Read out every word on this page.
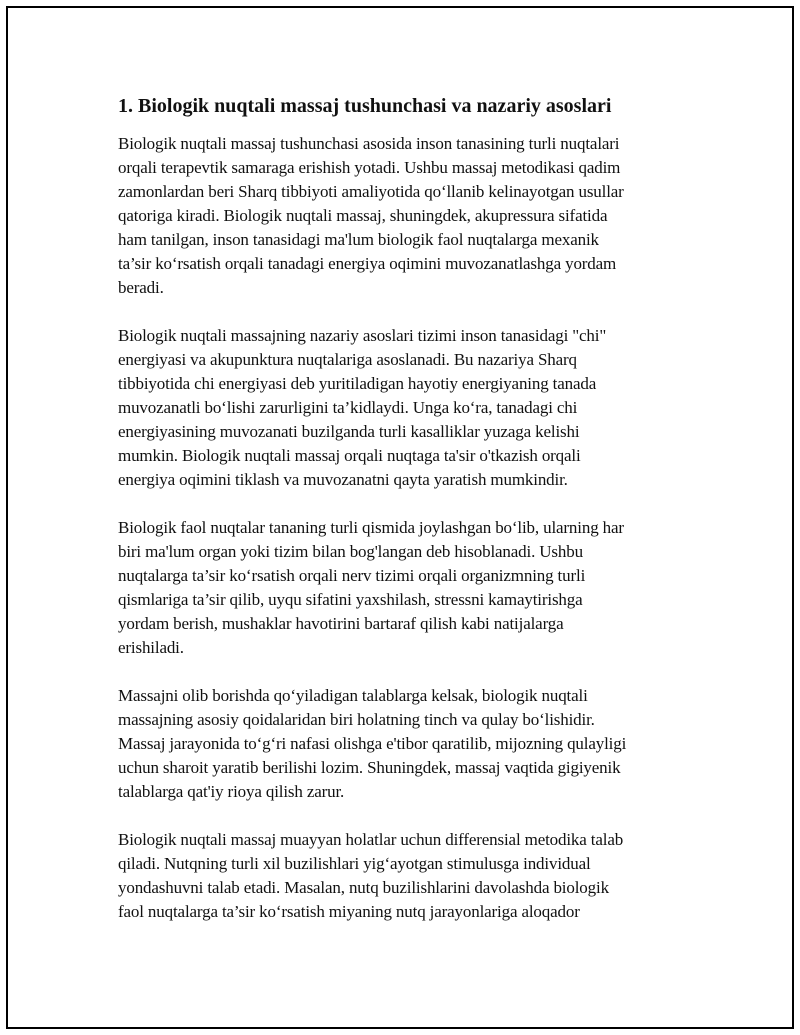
1. Biologik nuqtali massaj tushunchasi va nazariy asoslari
Biologik nuqtali massaj tushunchasi asosida inson tanasining turli nuqtalari
orqali terapevtik samaraga erishish yotadi. Ushbu massaj metodikasi qadim
zamonlardan beri Sharq tibbiyoti amaliyotida qo‘llanib kelinayotgan usullar
qatoriga kiradi. Biologik nuqtali massaj, shuningdek, akupressura sifatida
ham tanilgan, inson tanasidagi ma'lum biologik faol nuqtalarga mexanik
ta’sir ko‘rsatish orqali tanadagi energiya oqimini muvozanatlashga yordam
beradi.
Biologik nuqtali massajning nazariy asoslari tizimi inson tanasidagi "chi"
energiyasi va akupunktura nuqtalariga asoslanadi. Bu nazariya Sharq
tibbiyotida chi energiyasi deb yuritiladigan hayotiy energiyaning tanada
muvozanatli bo‘lishi zarurligini ta’kidlaydi. Unga ko‘ra, tanadagi chi
energiyasining muvozanati buzilganda turli kasalliklar yuzaga kelishi
mumkin. Biologik nuqtali massaj orqali nuqtaga ta'sir o'tkazish orqali
energiya oqimini tiklash va muvozanatni qayta yaratish mumkindir.
Biologik faol nuqtalar tananing turli qismida joylashgan bo‘lib, ularning har
biri ma'lum organ yoki tizim bilan bog'langan deb hisoblanadi. Ushbu
nuqtalarga ta’sir ko‘rsatish orqali nerv tizimi orqali organizmning turli
qismlariga ta’sir qilib, uyqu sifatini yaxshilash, stressni kamaytirishga
yordam berish, mushaklar havotirini bartaraf qilish kabi natijalarga
erishiladi.
Massajni olib borishda qo‘yiladigan talablarga kelsak, biologik nuqtali
massajning asosiy qoidalaridan biri holatning tinch va qulay bo‘lishidir.
Massaj jarayonida to‘g‘ri nafasi olishga e'tibor qaratilib, mijozning qulayligi
uchun sharoit yaratib berilishi lozim. Shuningdek, massaj vaqtida gigiyenik
talablarga qat'iy rioya qilish zarur.
Biologik nuqtali massaj muayyan holatlar uchun differensial metodika talab
qiladi. Nutqning turli xil buzilishlari yig‘ayotgan stimulusga individual
yondashuvni talab etadi. Masalan, nutq buzilishlarini davolashda biologik
faol nuqtalarga ta’sir ko‘rsatish miyaning nutq jarayonlariga aloqador
